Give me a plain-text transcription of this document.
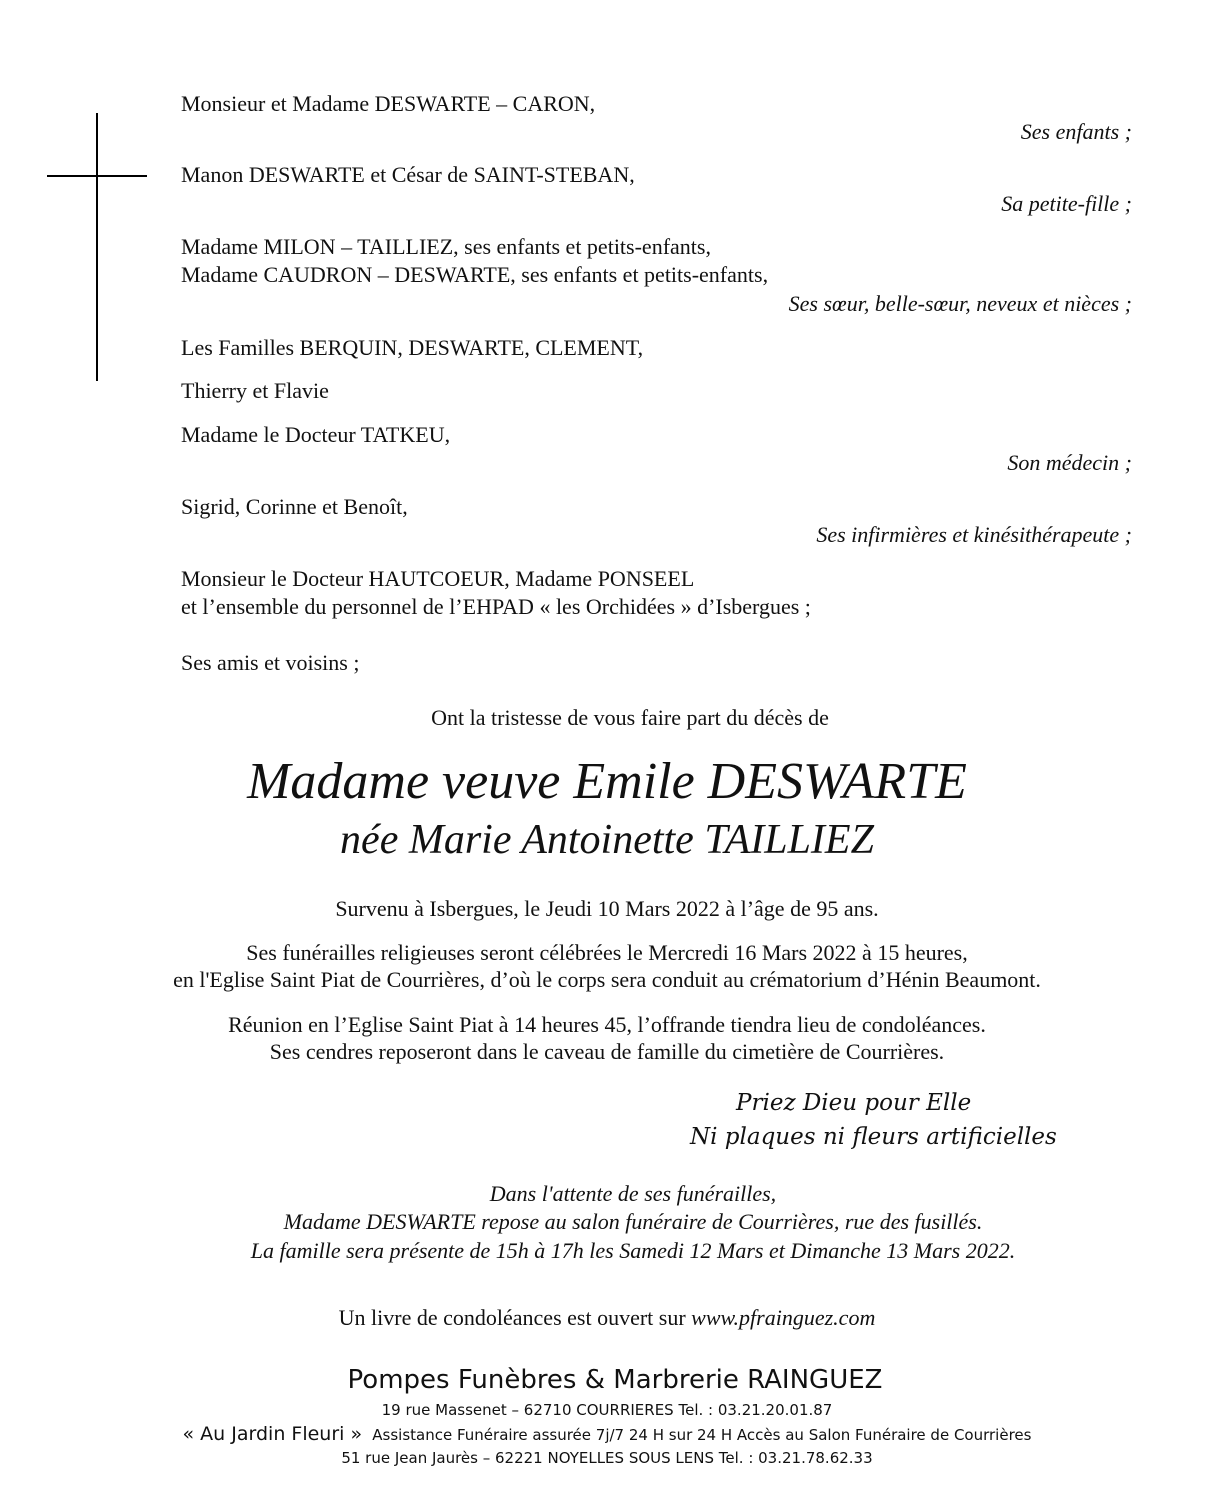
Monsieur et Madame DESWARTE – CARON,
Ses enfants ;
Manon DESWARTE et César de SAINT-STEBAN,
Sa petite-fille ;
Madame MILON – TAILLIEZ, ses enfants et petits-enfants,
Madame CAUDRON – DESWARTE, ses enfants et petits-enfants,
Ses sœur, belle-sœur, neveux et nièces ;
Les Familles BERQUIN, DESWARTE, CLEMENT,
Thierry et Flavie
Madame le Docteur TATKEU,
Son médecin ;
Sigrid, Corinne et Benoît,
Ses infirmières et kinésithérapeute ;
Monsieur le Docteur HAUTCOEUR, Madame PONSEEL
et l’ensemble du personnel de l’EHPAD « les Orchidées » d’Isbergues ;
Ses amis et voisins ;
Ont la tristesse de vous faire part du décès de
Madame veuve Emile DESWARTE
née Marie Antoinette TAILLIEZ
Survenu à Isbergues, le Jeudi 10 Mars 2022 à l’âge de 95 ans.
Ses funérailles religieuses seront célébrées le Mercredi 16 Mars 2022 à 15 heures,
en l'Eglise Saint Piat de Courrières, d’où le corps sera conduit au crématorium d’Hénin Beaumont.
Réunion en l’Eglise Saint Piat à 14 heures 45, l’offrande tiendra lieu de condoléances.
Ses cendres reposeront dans le caveau de famille du cimetière de Courrières.
Priez Dieu pour Elle
Ni plaques ni fleurs artificielles
Dans l'attente de ses funérailles,
Madame DESWARTE repose au salon funéraire de Courrières, rue des fusillés.
La famille sera présente de 15h à 17h les Samedi 12 Mars et Dimanche 13 Mars 2022.
Un livre de condoléances est ouvert sur www.pfrainguez.com
Pompes Funèbres & Marbrerie RAINGUEZ
19 rue Massenet – 62710 COURRIERES Tel. : 03.21.20.01.87
« Au Jardin Fleuri » Assistance Funéraire assurée 7j/7 24 H sur 24 H Accès au Salon Funéraire de Courrières
51 rue Jean Jaurès – 62221 NOYELLES SOUS LENS Tel. : 03.21.78.62.33
